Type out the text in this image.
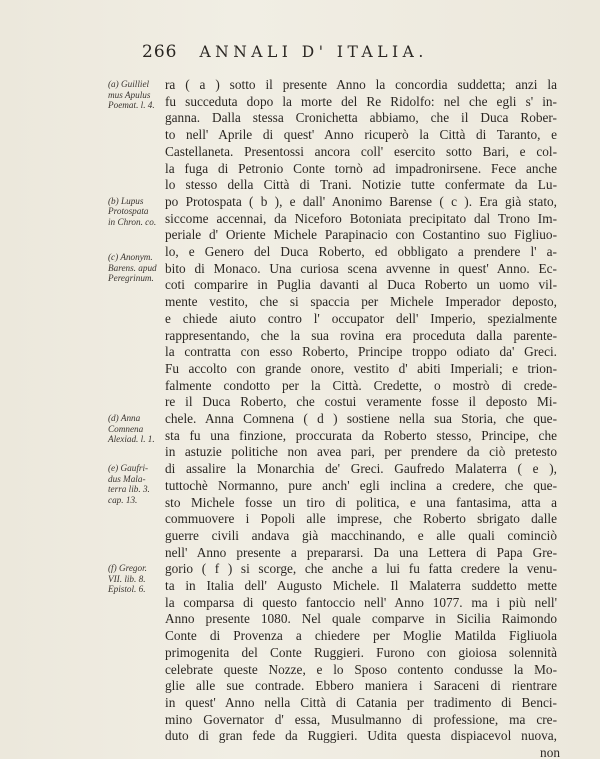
266 ANNALI D' ITALIA.
(a) Guilliel
mus Apulus
Poemat. l. 4.
(b) Lupus
Protospata
in Chron. co.
(c) Anonym.
Barens. apud
Peregrinum.
(d) Anna
Comnena
Alexiad. l. 1.
(e) Gaufri-
dus Mala-
terra lib. 3.
cap. 13.
(f) Gregor.
VII. lib. 8.
Epistol. 6.
ra ( a ) sotto il presente Anno la concordia suddetta; anzi la
fu succeduta dopo la morte del Re Ridolfo: nel che egli s' in-
ganna. Dalla stessa Cronichetta abbiamo, che il Duca Rober-
to nell' Aprile di quest' Anno ricuperò la Città di Taranto, e
Castellaneta. Presentossi ancora coll' esercito sotto Bari, e col-
la fuga di Petronio Conte tornò ad impadronirsene. Fece anche
lo stesso della Città di Trani. Notizie tutte confermate da Lu-
po Protospata ( b ), e dall' Anonimo Barense ( c ). Era già stato,
siccome accennai, da Niceforo Botoniata precipitato dal Trono Im-
periale d' Oriente Michele Parapinacio con Costantino suo Figliuo-
lo, e Genero del Duca Roberto, ed obbligato a prendere l' a-
bito di Monaco. Una curiosa scena avvenne in quest' Anno. Ec-
coti comparire in Puglia davanti al Duca Roberto un uomo vil-
mente vestito, che si spaccia per Michele Imperador deposto,
e chiede aiuto contro l' occupator dell' Imperio, spezialmente
rappresentando, che la sua rovina era proceduta dalla parente-
la contratta con esso Roberto, Principe troppo odiato da' Greci.
Fu accolto con grande onore, vestito d' abiti Imperiali; e trion-
falmente condotto per la Città. Credette, o mostrò di crede-
re il Duca Roberto, che costui veramente fosse il deposto Mi-
chele. Anna Comnena ( d ) sostiene nella sua Storia, che que-
sta fu una finzione, proccurata da Roberto stesso, Principe, che
in astuzie politiche non avea pari, per prendere da ciò pretesto
di assalire la Monarchia de' Greci. Gaufredo Malaterra ( e ),
tuttochè Normanno, pure anch' egli inclina a credere, che que-
sto Michele fosse un tiro di politica, e una fantasima, atta a
commuovere i Popoli alle imprese, che Roberto sbrigato dalle
guerre civili andava già macchinando, e alle quali cominciò
nell' Anno presente a prepararsi. Da una Lettera di Papa Gre-
gorio ( f ) si scorge, che anche a lui fu fatta credere la venu-
ta in Italia dell' Augusto Michele. Il Malaterra suddetto mette
la comparsa di questo fantoccio nell' Anno 1077. ma i più nell'
Anno presente 1080. Nel quale comparve in Sicilia Raimondo
Conte di Provenza a chiedere per Moglie Matilda Figliuola
primogenita del Conte Ruggieri. Furono con gioiosa solennità
celebrate queste Nozze, e lo Sposo contento condusse la Mo-
glie alle sue contrade. Ebbero maniera i Saraceni di rientrare
in quest' Anno nella Città di Catania per tradimento di Benci-
mino Governator d' essa, Musulmanno di professione, ma cre-
duto di gran fede da Ruggieri. Udita questa dispiacevol nuova,
non
